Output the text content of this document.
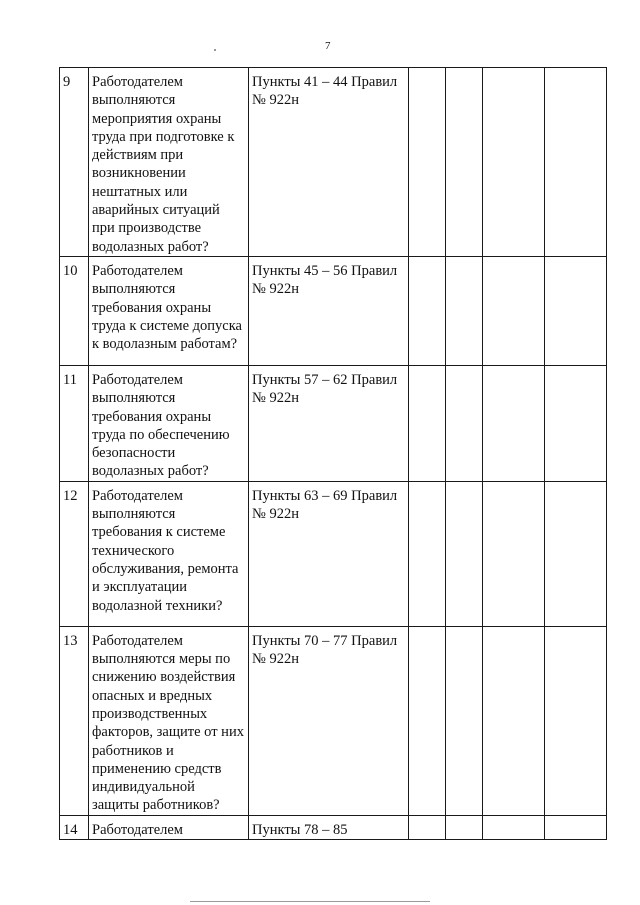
7
9	Работодателем выполняются мероприятия охраны труда при подготовке к действиям при возникновении нештатных или аварийных ситуаций при производстве водолазных работ?	Пункты 41 – 44 Правил № 922н				
10	Работодателем выполняются требования охраны труда к системе допуска к водолазным работам?	Пункты 45 – 56 Правил № 922н				
11	Работодателем выполняются требования охраны труда по обеспечению безопасности водолазных работ?	Пункты 57 – 62 Правил № 922н				
12	Работодателем выполняются требования к системе технического обслуживания, ремонта и эксплуатации водолазной техники?	Пункты 63 – 69 Правил № 922н				
13	Работодателем выполняются меры по снижению воздействия опасных и вредных производственных факторов, защите от них работников и применению средств индивидуальной защиты работников?	Пункты 70 – 77 Правил № 922н				
14	Работодателем	Пункты 78 – 85				
